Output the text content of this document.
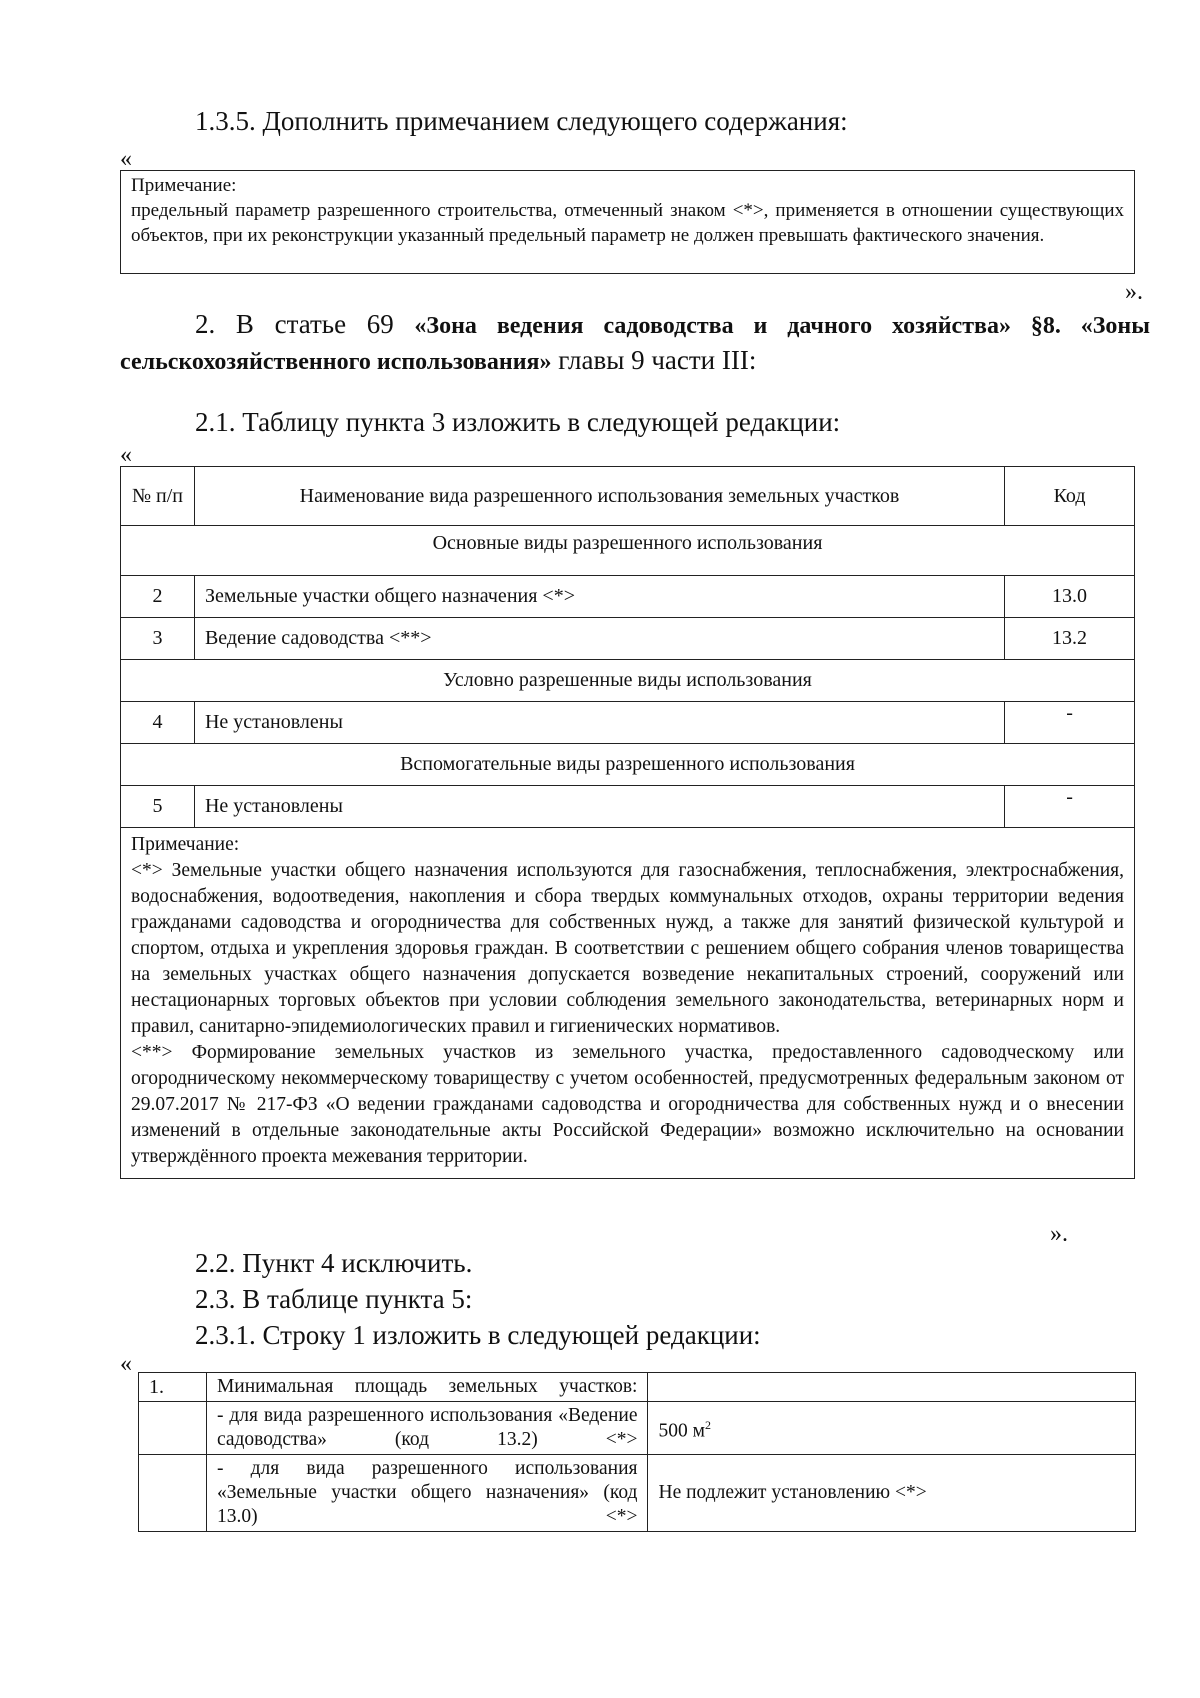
1.3.5. Дополнить примечанием следующего содержания:

«

Примечание:

предельный параметр разрешенного строительства, отмеченный знаком <*>, применяется в отношении существующих объектов, при их реконструкции указанный предельный параметр не должен превышать фактического значения.

».

2. В статье 69 «Зона ведения садоводства и дачного хозяйства» §8. «Зоны сельскохозяйственного использования» главы 9 части III:

2.1. Таблицу пункта 3 изложить в следующей редакции:

«
№ п/п	Наименование вида разрешенного использования земельных участков	Код
Основные виды разрешенного использования		
2	Земельные участки общего назначения <*>	13.0
3	Ведение садоводства <**>	13.2
Условно разрешенные виды использования		
4	Не установлены	-
Вспомогательные виды разрешенного использования		
5	Не установлены	-

Примечание:

<*> Земельные участки общего назначения используются для газоснабжения, теплоснабжения, электроснабжения, водоснабжения, водоотведения, накопления и сбора твердых коммунальных отходов, охраны территории ведения гражданами садоводства и огородничества для собственных нужд, а также для занятий физической культурой и спортом, отдыха и укрепления здоровья граждан. В соответствии с решением общего собрания членов товарищества на земельных участках общего назначения допускается возведение некапитальных строений, сооружений или нестационарных торговых объектов при условии соблюдения земельного законодательства, ветеринарных норм и правил, санитарно-эпидемиологических правил и гигиенических нормативов.

<**> Формирование земельных участков из земельного участка, предоставленного садоводческому или огородническому некоммерческому товариществу с учетом особенностей, предусмотренных федеральным законом от 29.07.2017 № 217-ФЗ «О ведении гражданами садоводства и огородничества для собственных нужд и о внесении изменений в отдельные законодательные акты Российской Федерации» возможно исключительно на основании утверждённого проекта межевания территории.		

».

2.2. Пункт 4 исключить.

2.3. В таблице пункта 5:

2.3.1. Строку 1 изложить в следующей редакции:

«
1.	Минимальная площадь земельных участков:	
	- для вида разрешенного использования «Ведение садоводства» (код 13.2) <*>	500 $м^2$
	- для вида разрешенного использования «Земельные участки общего назначения» (код 13.0) <*>	Не подлежит установлению <*>
